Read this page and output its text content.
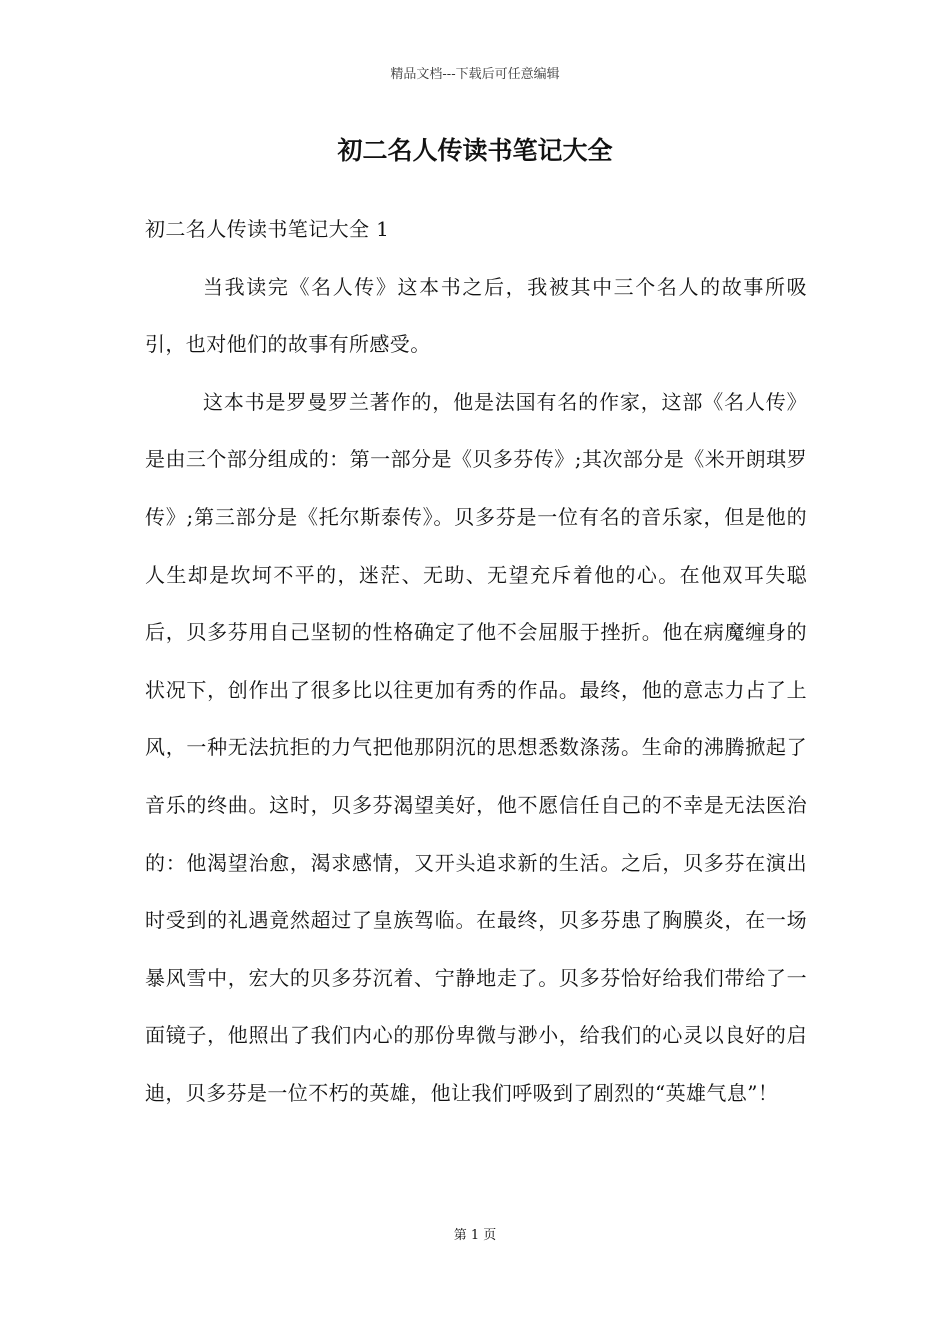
精品文档---下载后可任意编辑
初二名人传读书笔记大全

初二名人传读书笔记大全 1

当我读完《名人传》这本书之后，我被其中三个名人的故事所吸引，也对他们的故事有所感受。

这本书是罗曼罗兰著作的，他是法国有名的作家，这部《名人传》是由三个部分组成的：第一部分是《贝多芬传》;其次部分是《米开朗琪罗传》;第三部分是《托尔斯泰传》。贝多芬是一位有名的音乐家，但是他的人生却是坎坷不平的，迷茫、无助、无望充斥着他的心。在他双耳失聪后，贝多芬用自己坚韧的性格确定了他不会屈服于挫折。他在病魔缠身的状况下，创作出了很多比以往更加有秀的作品。最终，他的意志力占了上风，一种无法抗拒的力气把他那阴沉的思想悉数涤荡。生命的沸腾掀起了音乐的终曲。这时，贝多芬渴望美好，他不愿信任自己的不幸是无法医治的：他渴望治愈，渴求感情，又开头追求新的生活。之后，贝多芬在演出时受到的礼遇竟然超过了皇族驾临。在最终，贝多芬患了胸膜炎，在一场暴风雪中，宏大的贝多芬沉着、宁静地走了。贝多芬恰好给我们带给了一面镜子，他照出了我们内心的那份卑微与渺小，给我们的心灵以良好的启迪，贝多芬是一位不朽的英雄，他让我们呼吸到了剧烈的“英雄气息”！

第 1 页
